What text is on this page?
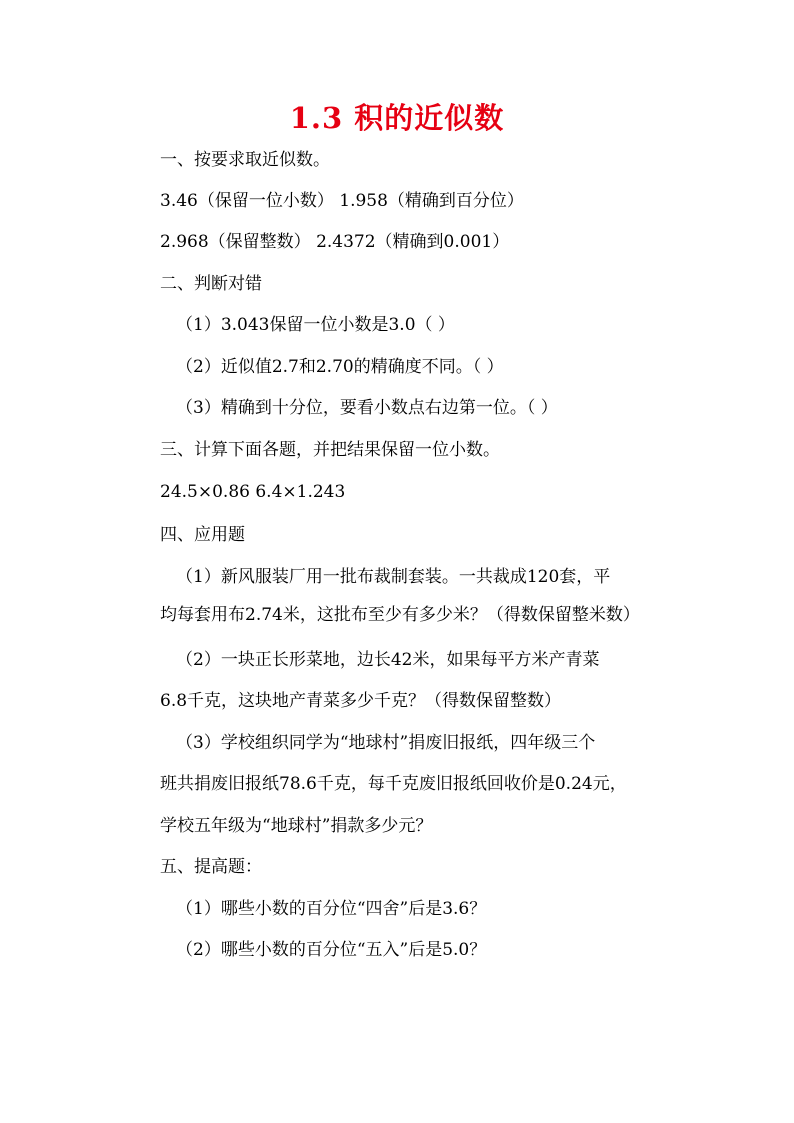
1.3 积的近似数
一、按要求取近似数。
3.46（保留一位小数） 1.958（精确到百分位）
2.968（保留整数） 2.4372（精确到0.001）
二、判断对错
（1）3.043保留一位小数是3.0（ ）
（2）近似值2.7和2.70的精确度不同。（ ）
（3）精确到十分位，要看小数点右边第一位。（ ）
三、计算下面各题，并把结果保留一位小数。
24.5×0.86 6.4×1.243
四、应用题
（1）新风服装厂用一批布裁制套装。一共裁成120套，平
均每套用布2.74米，这批布至少有多少米？（得数保留整米数）
（2）一块正长形菜地，边长42米，如果每平方米产青菜
6.8千克，这块地产青菜多少千克？（得数保留整数）
（3）学校组织同学为“地球村”捐废旧报纸，四年级三个
班共捐废旧报纸78.6千克，每千克废旧报纸回收价是0.24元，
学校五年级为“地球村”捐款多少元？
五、提高题：
（1）哪些小数的百分位“四舍”后是3.6？
（2）哪些小数的百分位“五入”后是5.0？
